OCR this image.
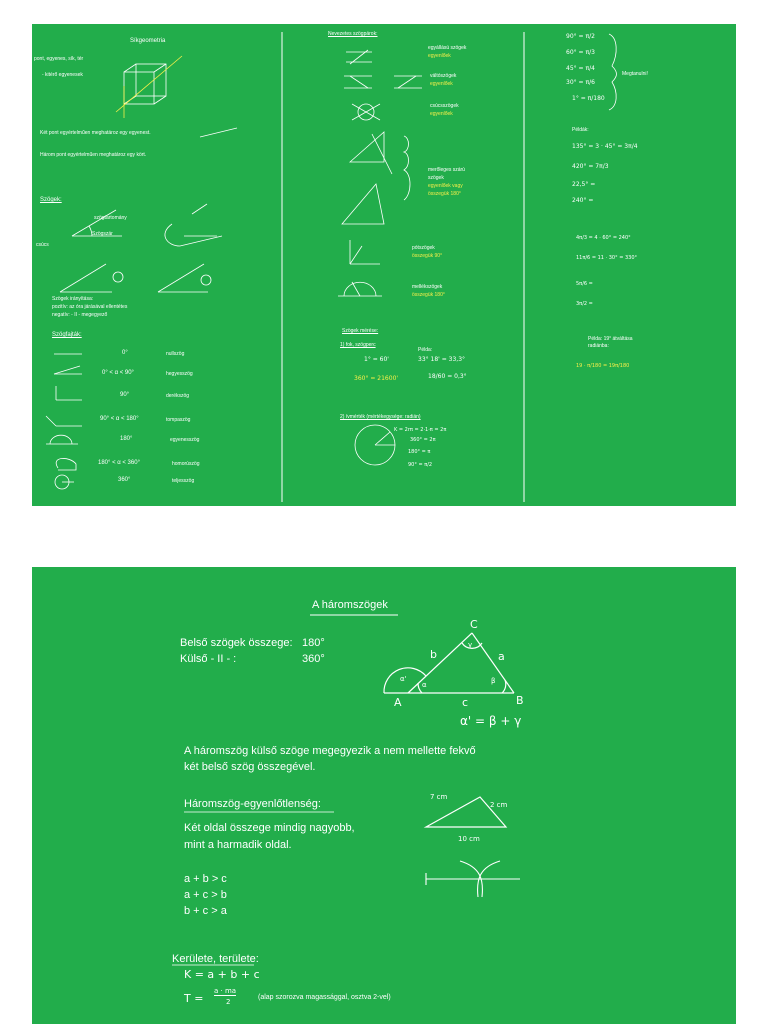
Síkgeometria
pont, egyenes, sík, tér
- kitérő egyenesek
Két pont egyértelműen meghatároz egy egyenest.
Három pont egyértelműen meghatároz egy kört.
Szögek:
szögtartomány
Szögszár
csúcs
Szögek irányítása:
pozitív: az óra járásával ellentétes
negatív: - II - megegyező
Szögfajták:
0°	nullszög
0° < α < 90°	hegyesszög
90°	derékszög
90° < α < 180°	tompaszög
180°	egyenesszög
180° < α < 360°	homorúszög
360°	teljesszög
Nevezetes szögpárok:
egyállású szögek
egyenlőek
váltószögek
egyenlőek
csúcsszögek
egyenlőek
merőleges szárú
szögek
egyenlőek vagy
összegük 180°
pótszögek
összegük 90°
mellékszögek
összegük 180°
Szögek mérése:
1) fok, szögperc
1° = 60'
360° = 21600'
Példa:
33° 18' = 33,3°
18/60 = 0,3°
2) ívmérték (mértékegysége: radián)
K = 2rπ = 2·1·π = 2π
360° = 2π
180° = π
90° = π/2
90° = π/2
60° = π/3
45° = π/4
30° = π/6
1° = π/180
Megtanulni!
Példák:
135° = 3 · 45° = 3π/4
420° = 7π/3
22,5° =
240° =
4π/3 = 4 · 60° = 240°
11π/6 = 11 · 30° = 330°
5π/6 =
3π/2 =
Példa: 19° átváltása
radiánba:
19 · π/180 = 19π/180
A háromszögek
Belső szögek összege: 180°
Külső - II - :	360°
C
A	B
a
b
c
γ
α	β
α'
α' = β + γ
A háromszög külső szöge megegyezik a nem mellette fekvő
két belső szög összegével.
Háromszög-egyenlőtlenség:
Két oldal összege mindig nagyobb,
mint a harmadik oldal.
7 cm
2 cm
10 cm
a + b > c
a + c > b
b + c > a
Kerülete, területe:
K = a + b + c
T =
a · ma
2
(alap szorozva magassággal, osztva 2-vel)
